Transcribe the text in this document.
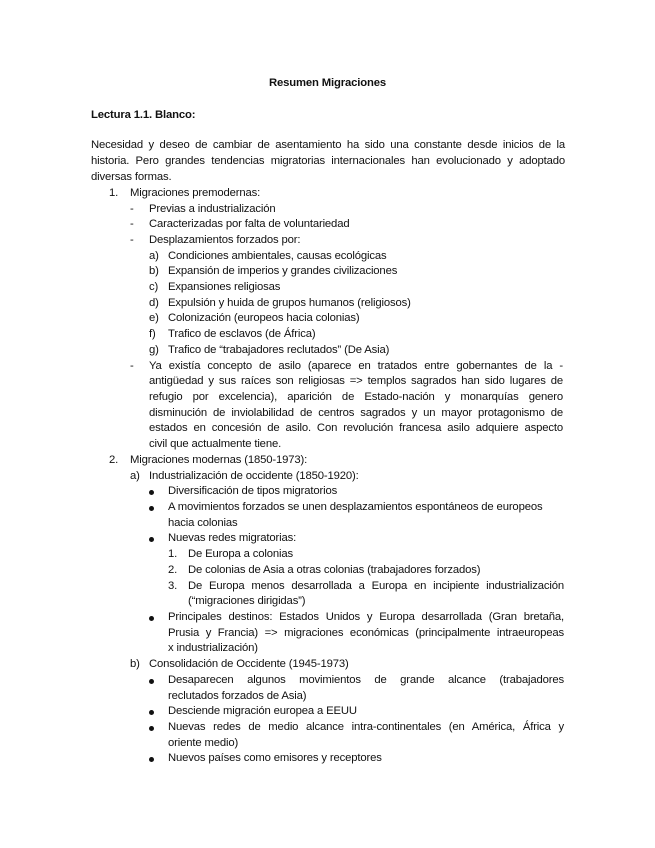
Resumen Migraciones
Lectura 1.1. Blanco:
Necesidad y deseo de cambiar de asentamiento ha sido una constante desde inicios de la
historia. Pero grandes tendencias migratorias internacionales han evolucionado y adoptado
diversas formas.
1. Migraciones premodernas:
- Previas a industrialización
- Caracterizadas por falta de voluntariedad
- Desplazamientos forzados por:
a) Condiciones ambientales, causas ecológicas
b) Expansión de imperios y grandes civilizaciones
c) Expansiones religiosas
d) Expulsión y huida de grupos humanos (religiosos)
e) Colonización (europeos hacia colonias)
f) Trafico de esclavos (de África)
g) Trafico de “trabajadores reclutados” (De Asia)
- Ya existía concepto de asilo (aparece en tratados entre gobernantes de la -
antigüedad y sus raíces son religiosas => templos sagrados han sido lugares de
refugio por excelencia), aparición de Estado-nación y monarquías genero
disminución de inviolabilidad de centros sagrados y un mayor protagonismo de
estados en concesión de asilo. Con revolución francesa asilo adquiere aspecto
civil que actualmente tiene.
2. Migraciones modernas (1850-1973):
a) Industrialización de occidente (1850-1920):
Diversificación de tipos migratorios
A movimientos forzados se unen desplazamientos espontáneos de europeos
hacia colonias
Nuevas redes migratorias:
1. De Europa a colonias
2. De colonias de Asia a otras colonias (trabajadores forzados)
3. De Europa menos desarrollada a Europa en incipiente industrialización
(“migraciones dirigidas”)
Principales destinos: Estados Unidos y Europa desarrollada (Gran bretaña,
Prusia y Francia) => migraciones económicas (principalmente intraeuropeas
x industrialización)
b) Consolidación de Occidente (1945-1973)
Desaparecen algunos movimientos de grande alcance (trabajadores
reclutados forzados de Asia)
Desciende migración europea a EEUU
Nuevas redes de medio alcance intra-continentales (en América, África y
oriente medio)
Nuevos países como emisores y receptores
